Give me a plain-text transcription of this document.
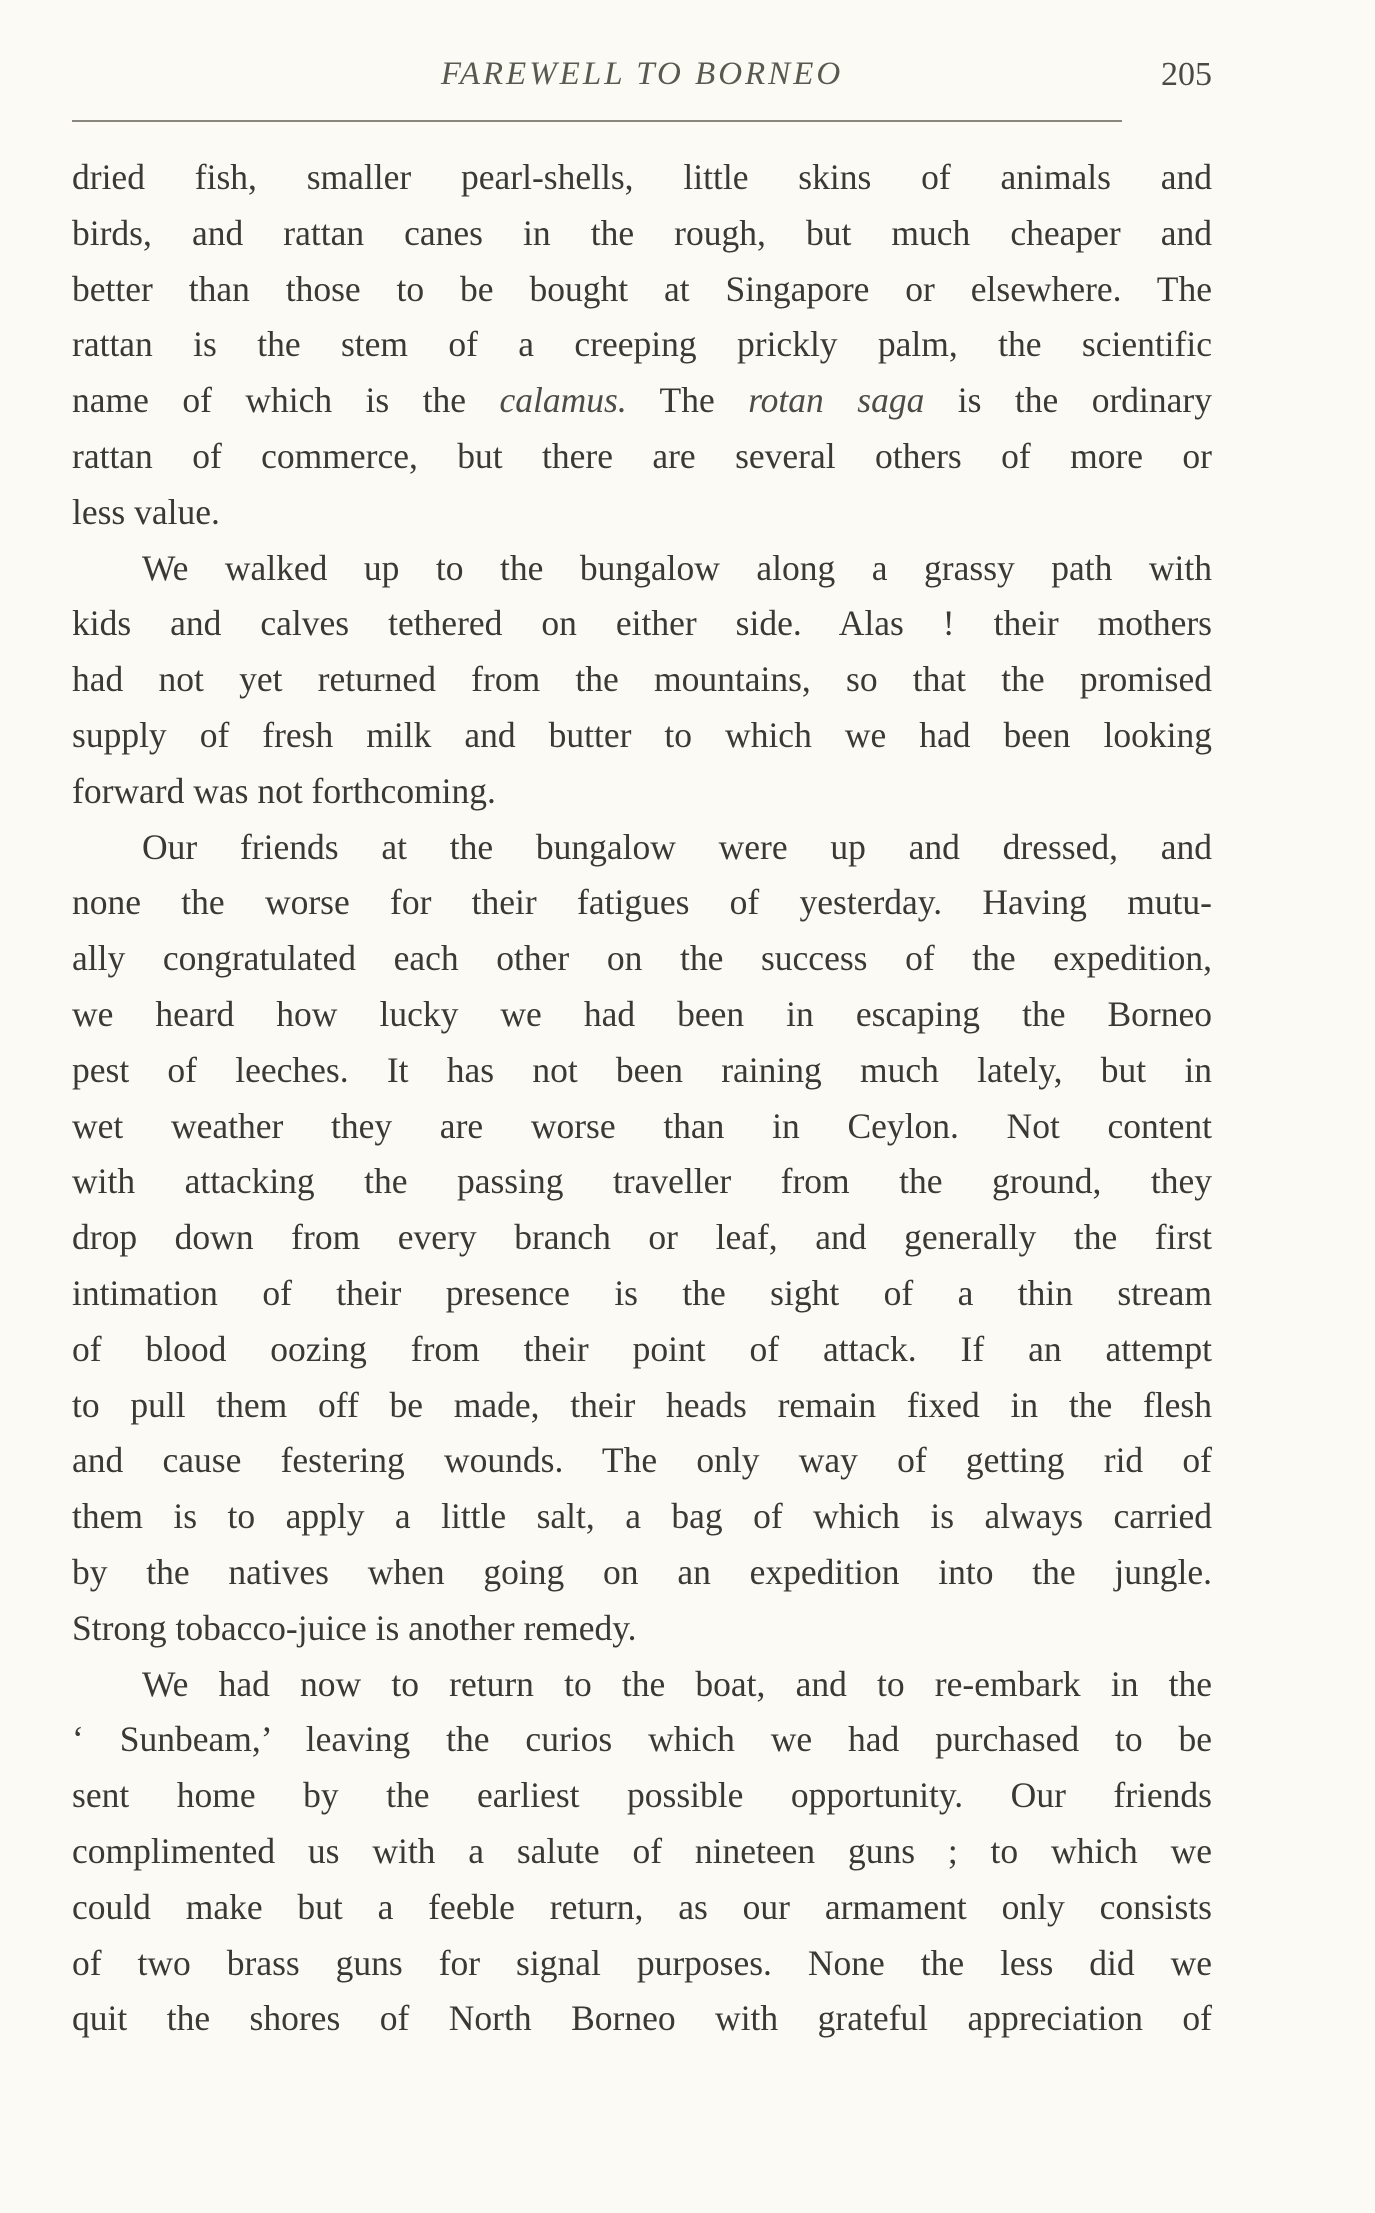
FAREWELL TO BORNEO	205
dried fish, smaller pearl-shells, little skins of animals and
birds, and rattan canes in the rough, but much cheaper and
better than those to be bought at Singapore or elsewhere. The
rattan is the stem of a creeping prickly palm, the scientific
name of which is the calamus. The rotan saga is the ordinary
rattan of commerce, but there are several others of more or
less value.
We walked up to the bungalow along a grassy path with
kids and calves tethered on either side. Alas ! their mothers
had not yet returned from the mountains, so that the promised
supply of fresh milk and butter to which we had been looking
forward was not forthcoming.
Our friends at the bungalow were up and dressed, and
none the worse for their fatigues of yesterday. Having mutu-
ally congratulated each other on the success of the expedition,
we heard how lucky we had been in escaping the Borneo
pest of leeches. It has not been raining much lately, but in
wet weather they are worse than in Ceylon. Not content
with attacking the passing traveller from the ground, they
drop down from every branch or leaf, and generally the first
intimation of their presence is the sight of a thin stream
of blood oozing from their point of attack. If an attempt
to pull them off be made, their heads remain fixed in the flesh
and cause festering wounds. The only way of getting rid of
them is to apply a little salt, a bag of which is always carried
by the natives when going on an expedition into the jungle.
Strong tobacco-juice is another remedy.
We had now to return to the boat, and to re-embark in the
‘ Sunbeam,’ leaving the curios which we had purchased to be
sent home by the earliest possible opportunity. Our friends
complimented us with a salute of nineteen guns ; to which we
could make but a feeble return, as our armament only consists
of two brass guns for signal purposes. None the less did we
quit the shores of North Borneo with grateful appreciation of
